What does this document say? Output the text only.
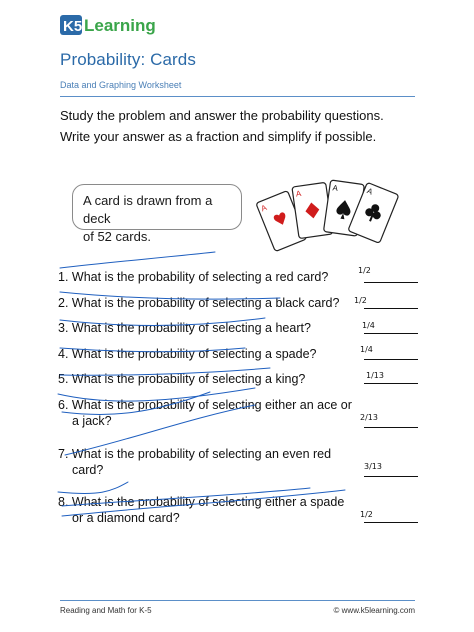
K5 Learning
Probability: Cards
Data and Graphing Worksheet
Study the problem and answer the probability questions.
Write your answer as a fraction and simplify if possible.
A card is drawn from a deck
of 52 cards.
A
A
A	A
1. What is the probability of selecting a red card?
2. What is the probability of selecting a black card?
3. What is the probability of selecting a heart?
4. What is the probability of selecting a spade?
5. What is the probability of selecting a king?
6. What is the probability of selecting either an ace or
a jack?
7. What is the probability of selecting an even red
card?
8. What is the probability of selecting either a spade
or a diamond card?
1/2
1/2
1/4
1/4
1/13
2/13
3/13
1/2
Reading and Math for K-5	© www.k5learning.com
